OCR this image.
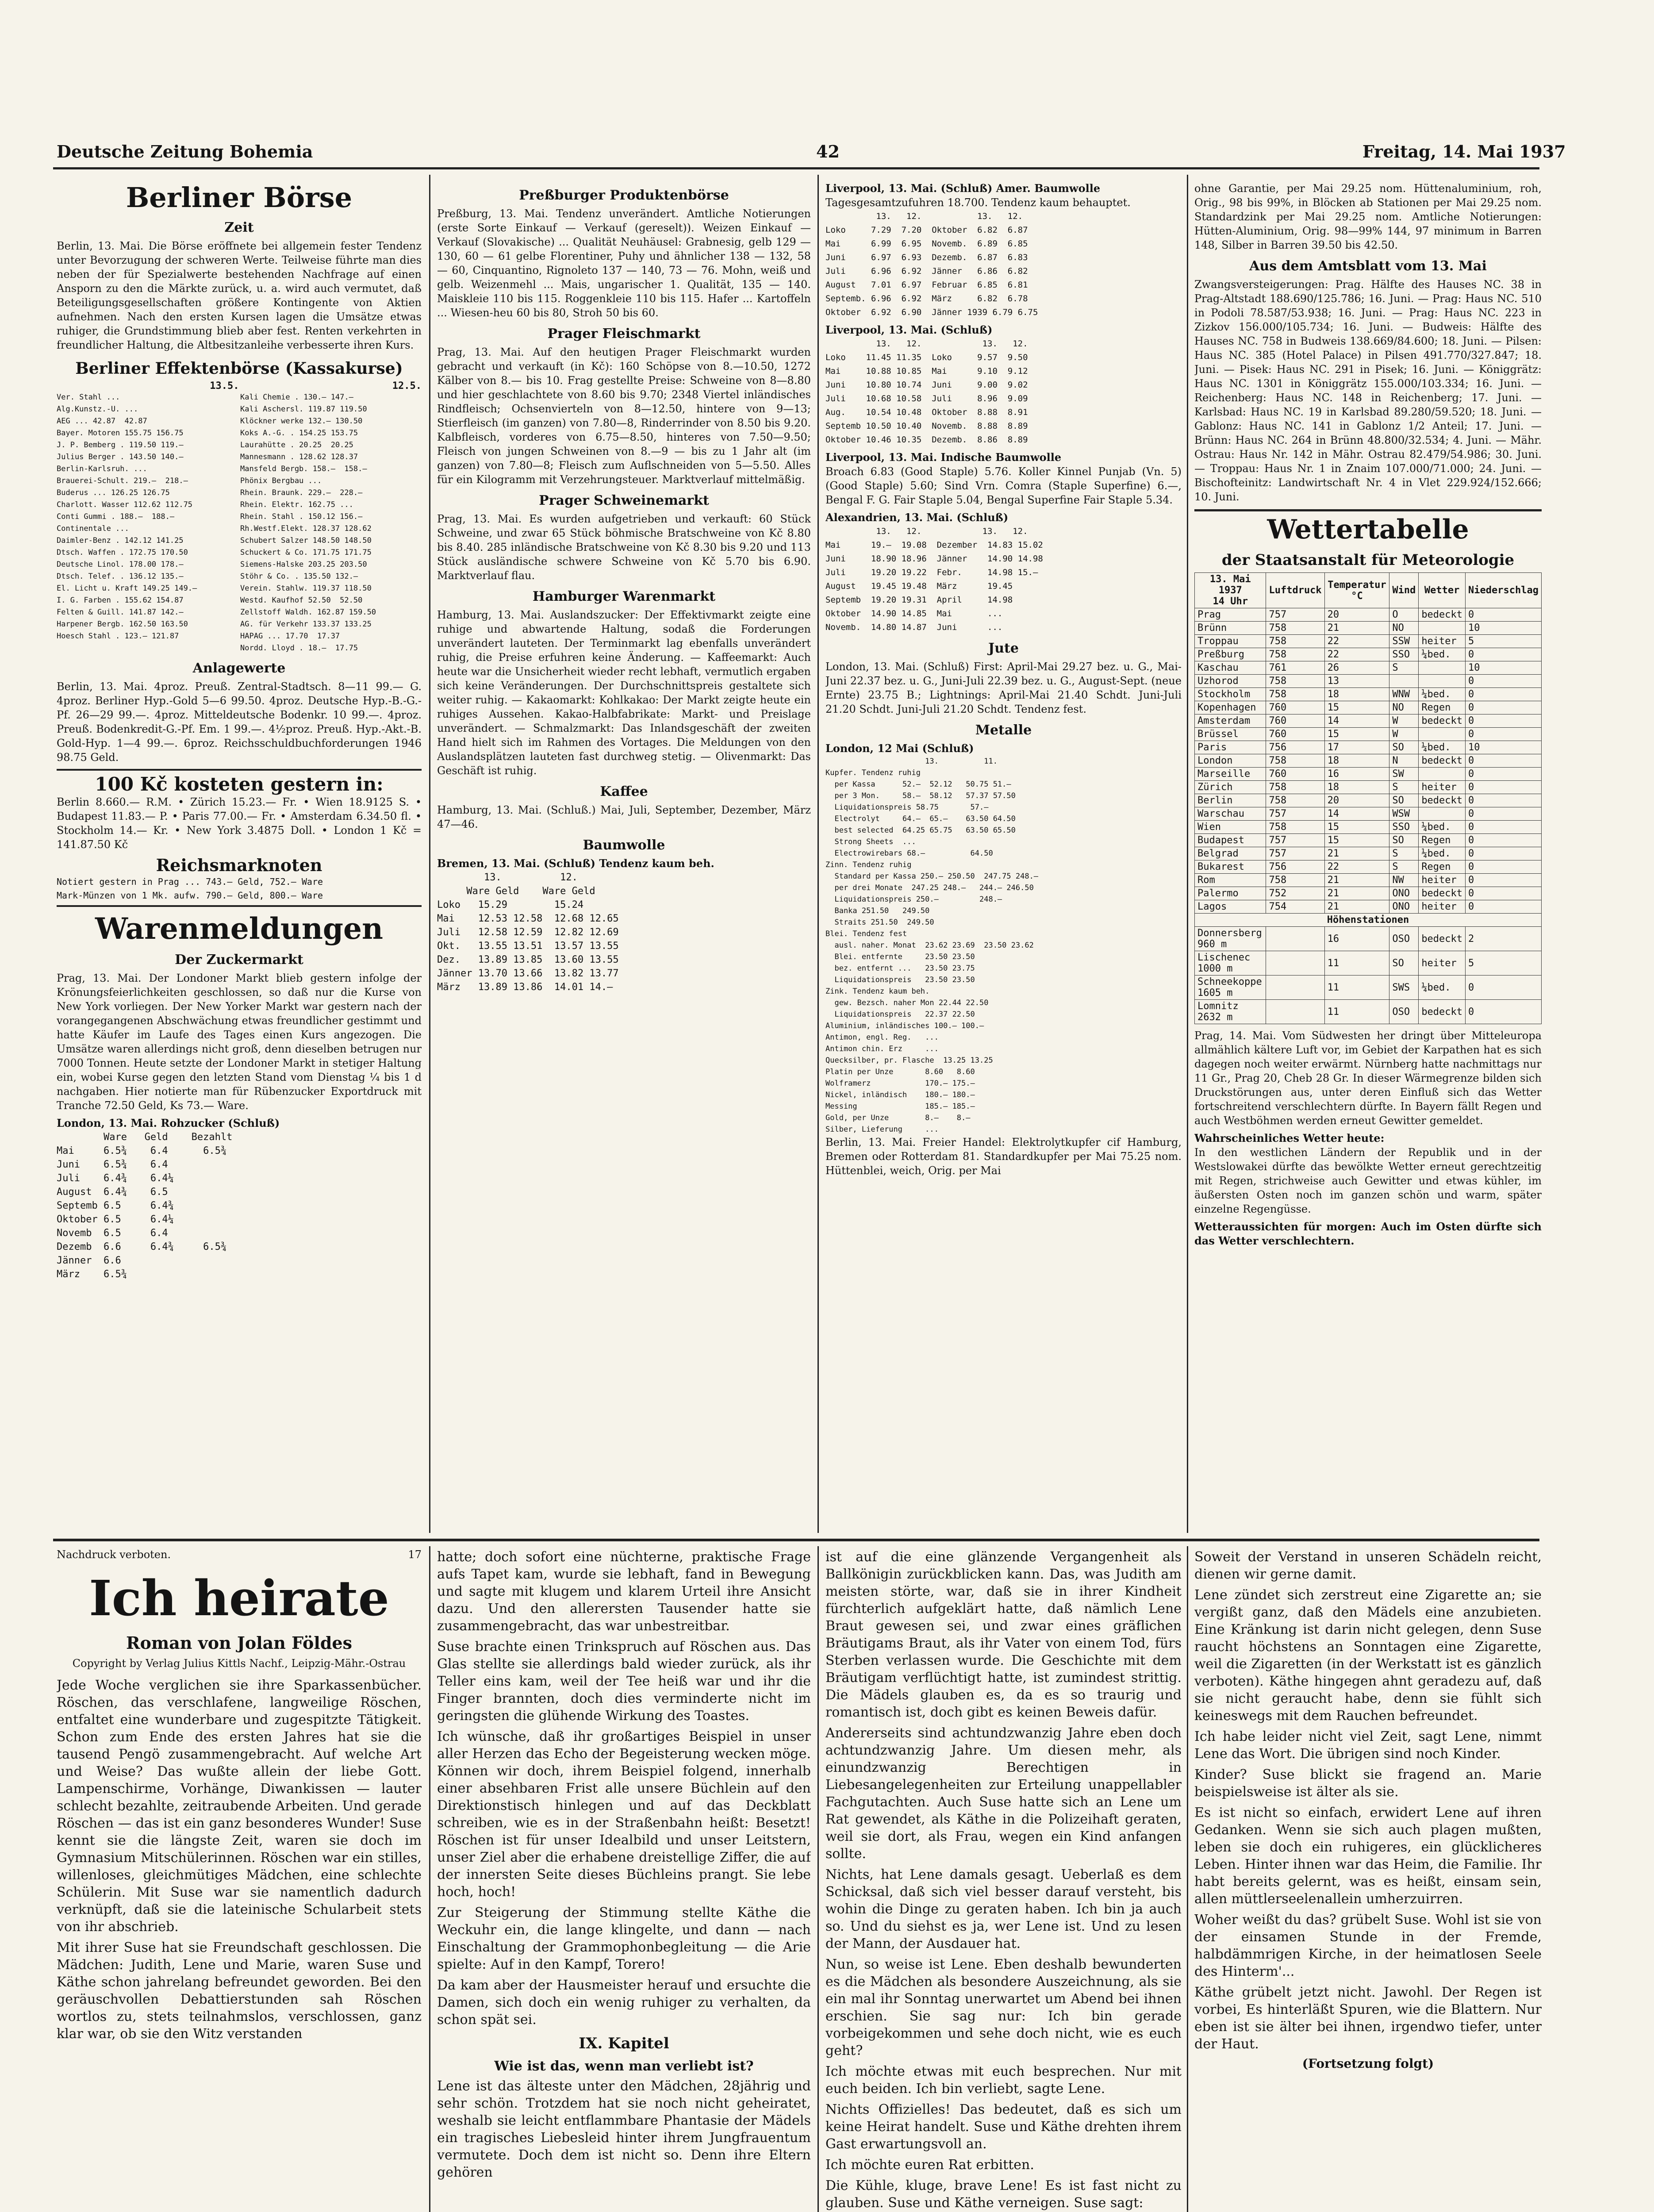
Deutsche Zeitung Bohemia	42	Freitag, 14. Mai 1937
Berliner Börse
Zeit

Berlin, 13. Mai. Die Börse eröffnete bei allgemein fester Tendenz unter Bevorzugung der schweren Werte. Teilweise führte man dies neben der für Spezialwerte bestehenden Nachfrage auf einen Ansporn zu den die Märkte zurück, u. a. wird auch vermutet, daß Beteiligungsgesellschaften größere Kontingente von Aktien aufnehmen. Nach den ersten Kursen lagen die Umsätze etwas ruhiger, die Grundstimmung blieb aber fest. Renten verkehrten in freundlicher Haltung, die Altbesitzanleihe verbesserte ihren Kurs.

Berliner Effektenbörse (Kassakurse)
13.5.	12.5.
Ver. Stahl ...
Alg.Kunstz.-U. ...
AEG ... 42.87  42.87
Bayer. Motoren 155.75 156.75
J. P. Bemberg . 119.50 119.—
Julius Berger . 143.50 140.—
Berlin-Karlsruh. ...
Brauerei-Schult. 219.—  218.—
Buderus ... 126.25 126.75
Charlott. Wasser 112.62 112.75
Conti Gummi . 188.—  188.—
Continentale ...
Daimler-Benz . 142.12 141.25
Dtsch. Waffen . 172.75 170.50
Deutsche Linol. 178.00 178.—
Dtsch. Telef. . 136.12 135.—
El. Licht u. Kraft 149.25 149.—
I. G. Farben . 155.62 154.87
Felten & Guill. 141.87 142.—
Harpener Bergb. 162.50 163.50
Hoesch Stahl . 123.— 121.87
Kali Chemie . 130.— 147.—
Kali Aschersl. 119.87 119.50
Klöckner werke 132.— 130.50
Koks A.-G. . 154.25 153.75
Laurahütte . 20.25  20.25
Mannesmann . 128.62 128.37
Mansfeld Bergb. 158.—  158.—
Phönix Bergbau ...
Rhein. Braunk. 229.—  228.—
Rhein. Elektr. 162.75 ...
Rhein. Stahl . 150.12 156.—
Rh.Westf.Elekt. 128.37 128.62
Schubert Salzer 148.50 148.50
Schuckert & Co. 171.75 171.75
Siemens-Halske 203.25 203.50
Stöhr & Co. . 135.50 132.—
Verein. Stahlw. 119.37 118.50
Westd. Kaufhof 52.50  52.50
Zellstoff Waldh. 162.87 159.50
AG. für Verkehr 133.37 133.25
HAPAG ... 17.70  17.37
Nordd. Lloyd . 18.—  17.75
Anlagewerte

Berlin, 13. Mai. 4proz. Preuß. Zentral-Stadtsch. 8—11 99.— G. 4proz. Berliner Hyp.-Gold 5—6 99.50. 4proz. Deutsche Hyp.-B.-G.-Pf. 26—29 99.—. 4proz. Mitteldeutsche Bodenkr. 10 99.—. 4proz. Preuß. Bodenkredit-G.-Pf. Em. 1 99.—. 4½proz. Preuß. Hyp.-Akt.-B. Gold-Hyp. 1—4 99.—. 6proz. Reichsschuldbuchforderungen 1946 98.75 Geld.

100 Kč kosteten gestern in:

Berlin 8.660.— R.M. • Zürich 15.23.— Fr. • Wien 18.9125 S. • Budapest 11.83.— P. • Paris 77.00.— Fr. • Amsterdam 6.34.50 fl. • Stockholm 14.— Kr. • New York 3.4875 Doll. • London 1 Kč = 141.87.50 Kč

Reichsmarknoten
Notiert gestern in Prag ... 743.— Geld, 752.— Ware
Mark-Münzen von 1 Mk. aufw. 790.— Geld, 800.— Ware
Warenmeldungen
Der Zuckermarkt

Prag, 13. Mai. Der Londoner Markt blieb gestern infolge der Krönungsfeierlichkeiten geschlossen, so daß nur die Kurse von New York vorliegen. Der New Yorker Markt war gestern nach der vorangegangenen Abschwächung etwas freundlicher gestimmt und hatte Käufer im Laufe des Tages einen Kurs angezogen. Die Umsätze waren allerdings nicht groß, denn dieselben betrugen nur 7000 Tonnen. Heute setzte der Londoner Markt in stetiger Haltung ein, wobei Kurse gegen den letzten Stand vom Dienstag ¼ bis 1 d nachgaben. Hier notierte man für Rübenzucker Exportdruck mit Tranche 72.50 Geld, Ks 73.— Ware.

London, 13. Mai. Rohzucker (Schluß)
Ware   Geld    Bezahlt
Mai     6.5¾    6.4      6.5¾
Juni    6.5¾    6.4
Juli    6.4¾    6.4¼
August  6.4¾    6.5
Septemb 6.5     6.4¾
Oktober 6.5     6.4¼
Novemb  6.5     6.4
Dezemb  6.6     6.4¾     6.5¾
Jänner  6.6
März    6.5¾
Preßburger Produktenbörse

Preßburg, 13. Mai. Tendenz unverändert. Amtliche Notierungen (erste Sorte Einkauf — Verkauf (gereselt)). Weizen Einkauf — Verkauf (Slovakische) ... Qualität Neuhäusel: Grabnesig, gelb 129 — 130, 60 — 61 gelbe Florentiner, Puhy und ähnlicher 138 — 132, 58 — 60, Cinquantino, Rignoleto 137 — 140, 73 — 76. Mohn, weiß und gelb. Weizenmehl ... Mais, ungarischer 1. Qualität, 135 — 140. Maiskleie 110 bis 115. Roggenkleie 110 bis 115. Hafer ... Kartoffeln ... Wiesen-heu 60 bis 80, Stroh 50 bis 60.

Prager Fleischmarkt

Prag, 13. Mai. Auf den heutigen Prager Fleischmarkt wurden gebracht und verkauft (in Kč): 160 Schöpse von 8.—10.50, 1272 Kälber von 8.— bis 10. Frag gestellte Preise: Schweine von 8—8.80 und hier geschlachtete von 8.60 bis 9.70; 2348 Viertel inländisches Rindfleisch; Ochsenvierteln von 8—12.50, hintere von 9—13; Stierfleisch (im ganzen) von 7.80—8, Rinderrinder von 8.50 bis 9.20. Kalbfleisch, vorderes von 6.75—8.50, hinteres von 7.50—9.50; Fleisch von jungen Schweinen von 8.—9 — bis zu 1 Jahr alt (im ganzen) von 7.80—8; Fleisch zum Auflschneiden von 5—5.50. Alles für ein Kilogramm mit Verzehrungsteuer. Marktverlauf mittelmäßig.

Prager Schweinemarkt

Prag, 13. Mai. Es wurden aufgetrieben und verkauft: 60 Stück Schweine, und zwar 65 Stück böhmische Bratschweine von Kč 8.80 bis 8.40. 285 inländische Bratschweine von Kč 8.30 bis 9.20 und 113 Stück ausländische schwere Schweine von Kč 5.70 bis 6.90. Marktverlauf flau.

Hamburger Warenmarkt

Hamburg, 13. Mai. Auslandszucker: Der Effektivmarkt zeigte eine ruhige und abwartende Haltung, sodaß die Forderungen unverändert lauteten. Der Terminmarkt lag ebenfalls unverändert ruhig, die Preise erfuhren keine Änderung. — Kaffeemarkt: Auch heute war die Unsicherheit wieder recht lebhaft, vermutlich ergaben sich keine Veränderungen. Der Durchschnittspreis gestaltete sich weiter ruhig. — Kakaomarkt: Kohlkakao: Der Markt zeigte heute ein ruhiges Aussehen. Kakao-Halbfabrikate: Markt- und Preislage unverändert. — Schmalzmarkt: Das Inlandsgeschäft der zweiten Hand hielt sich im Rahmen des Vortages. Die Meldungen von den Auslandsplätzen lauteten fast durchweg stetig. — Olivenmarkt: Das Geschäft ist ruhig.

Kaffee

Hamburg, 13. Mai. (Schluß.) Mai, Juli, September, Dezember, März 47—46.

Baumwolle
Bremen, 13. Mai. (Schluß) Tendenz kaum beh.
13.          12.
Ware Geld    Ware Geld
Loko   15.29        15.24
Mai    12.53 12.58  12.68 12.65
Juli   12.58 12.59  12.82 12.69
Okt.   13.55 13.51  13.57 13.55
Dez.   13.89 13.85  13.60 13.55
Jänner 13.70 13.66  13.82 13.77
März   13.89 13.86  14.01 14.—
Liverpool, 13. Mai. (Schluß) Amer. Baumwolle
Tagesgesamtzufuhren 18.700. Tendenz kaum behauptet.
13.   12.           13.   12.
Loko     7.29  7.20  Oktober  6.82  6.87
Mai      6.99  6.95  Novemb.  6.89  6.85
Juni     6.97  6.93  Dezemb.  6.87  6.83
Juli     6.96  6.92  Jänner   6.86  6.82
August   7.01  6.97  Februar  6.85  6.81
Septemb. 6.96  6.92  März     6.82  6.78
Oktober  6.92  6.90  Jänner 1939 6.79 6.75
Liverpool, 13. Mai. (Schluß)
13.   12.            13.   12.
Loko    11.45 11.35  Loko     9.57  9.50
Mai     10.88 10.85  Mai      9.10  9.12
Juni    10.80 10.74  Juni     9.00  9.02
Juli    10.68 10.58  Juli     8.96  9.09
Aug.    10.54 10.48  Oktober  8.88  8.91
Septemb 10.50 10.40  Novemb.  8.88  8.89
Oktober 10.46 10.35  Dezemb.  8.86  8.89
Liverpool, 13. Mai. Indische Baumwolle

Broach 6.83 (Good Staple) 5.76. Koller Kinnel Punjab (Vn. 5) (Good Staple) 5.60; Sind Vrn. Comra (Staple Superfine) 6.—, Bengal F. G. Fair Staple 5.04, Bengal Superfine Fair Staple 5.34.

Alexandrien, 13. Mai. (Schluß)
13.   12.            13.   12.
Mai      19.—  19.08  Dezember  14.83 15.02
Juni     18.90 18.96  Jänner    14.90 14.98
Juli     19.20 19.22  Febr.     14.98 15.—
August   19.45 19.48  März      19.45
Septemb  19.20 19.31  April     14.98
Oktober  14.90 14.85  Mai       ...
Novemb.  14.80 14.87  Juni      ...
Jute

London, 13. Mai. (Schluß) First: April-Mai 29.27 bez. u. G., Mai-Juni 22.37 bez. u. G., Juni-Juli 22.39 bez. u. G., August-Sept. (neue Ernte) 23.75 B.; Lightnings: April-Mai 21.40 Schdt. Juni-Juli 21.20 Schdt. Juni-Juli 21.20 Schdt. Tendenz fest.

Metalle
London, 12 Mai (Schluß)
13.          11.
Kupfer. Tendenz ruhig
per Kassa      52.—  52.12   50.75 51.—
per 3 Mon.     58.—  58.12   57.37 57.50
Liquidationspreis 58.75       57.—
Electrolyt     64.—  65.—    63.50 64.50
best selected  64.25 65.75   63.50 65.50
Strong Sheets  ...
Electrowirebars 68.—          64.50
Zinn. Tendenz ruhig
Standard per Kassa 250.— 250.50  247.75 248.—
per drei Monate  247.25 248.—   244.— 246.50
Liquidationspreis 250.—         248.—
Banka 251.50   249.50
Straits 251.50  249.50
Blei. Tendenz fest
ausl. naher. Monat  23.62 23.69  23.50 23.62
Blei. entfernte     23.50 23.50
bez. entfernt ...   23.50 23.75
Liquidationspreis   23.50 23.50
Zink. Tendenz kaum beh.
gew. Bezsch. naher Mon 22.44 22.50
Liquidationspreis   22.37 22.50
Aluminium, inländisches 100.— 100.—
Antimon, engl. Reg.   ...
Antimon chin. Erz     ...
Quecksilber, pr. Flasche  13.25 13.25
Platin per Unze       8.60   8.60
Wolframerz            170.— 175.—
Nickel, inländisch    180.— 180.—
Messing               185.— 185.—
Gold, per Unze        8.—    8.—
Silber, Lieferung     ...

Berlin, 13. Mai. Freier Handel: Elektrolytkupfer cif Hamburg, Bremen oder Rotterdam 81. Standardkupfer per Mai 75.25 nom. Hüttenblei, weich, Orig. per Mai

ohne Garantie, per Mai 29.25 nom. Hüttenaluminium, roh, Orig., 98 bis 99%, in Blöcken ab Stationen per Mai 29.25 nom. Standardzink per Mai 29.25 nom. Amtliche Notierungen: Hütten-Aluminium, Orig. 98—99% 144, 97 minimum in Barren 148, Silber in Barren 39.50 bis 42.50.

Aus dem Amtsblatt vom 13. Mai

Zwangsversteigerungen: Prag. Hälfte des Hauses NC. 38 in Prag-Altstadt 188.690/125.786; 16. Juni. — Prag: Haus NC. 510 in Podoli 78.587/53.938; 16. Juni. — Prag: Haus NC. 223 in Zizkov 156.000/105.734; 16. Juni. — Budweis: Hälfte des Hauses NC. 758 in Budweis 138.669/84.600; 18. Juni. — Pilsen: Haus NC. 385 (Hotel Palace) in Pilsen 491.770/327.847; 18. Juni. — Pisek: Haus NC. 291 in Pisek; 16. Juni. — Königgrätz: Haus NC. 1301 in Königgrätz 155.000/103.334; 16. Juni. — Reichenberg: Haus NC. 148 in Reichenberg; 17. Juni. — Karlsbad: Haus NC. 19 in Karlsbad 89.280/59.520; 18. Juni. — Gablonz: Haus NC. 141 in Gablonz 1/2 Anteil; 17. Juni. — Brünn: Haus NC. 264 in Brünn 48.800/32.534; 4. Juni. — Mähr. Ostrau: Haus Nr. 142 in Mähr. Ostrau 82.479/54.986; 30. Juni. — Troppau: Haus Nr. 1 in Znaim 107.000/71.000; 24. Juni. — Bischofteinitz: Landwirtschaft Nr. 4 in Vlet 229.924/152.666; 10. Juni.

Wettertabelle
der Staatsanstalt für Meteorologie
13. Mai 1937
14 Uhr	Luftdruck	Temperatur °C	Wind	Wetter	Niederschlag
Prag	757	20	O	bedeckt	0
Brünn	758	21	NO		10
Troppau	758	22	SSW	heiter	5
Preßburg	758	22	SSO	¼bed.	0
Kaschau	761	26	S		10
Uzhorod	758	13			0
Stockholm	758	18	WNW	¼bed.	0
Kopenhagen	760	15	NO	Regen	0
Amsterdam	760	14	W	bedeckt	0
Brüssel	760	15	W		0
Paris	756	17	SO	¼bed.	10
London	758	18	N	bedeckt	0
Marseille	760	16	SW		0
Zürich	758	18	S	heiter	0
Berlin	758	20	SO	bedeckt	0
Warschau	757	14	WSW		0
Wien	758	15	SSO	¼bed.	0
Budapest	757	15	SO	Regen	0
Belgrad	757	21	S	¼bed.	0
Bukarest	756	22	S	Regen	0
Rom	758	21	NW	heiter	0
Palermo	752	21	ONO	bedeckt	0
Lagos	754	21	ONO	heiter	0
Höhenstationen					
Donnersberg 960 m		16	OSO	bedeckt	2
Lischenec 1000 m		11	SO	heiter	5
Schneekoppe 1605 m		11	SWS	¼bed.	0
Lomnitz 2632 m		11	OSO	bedeckt	0

Prag, 14. Mai. Vom Südwesten her dringt über Mitteleuropa allmählich kältere Luft vor, im Gebiet der Karpathen hat es sich dagegen noch weiter erwärmt. Nürnberg hatte nachmittags nur 11 Gr., Prag 20, Cheb 28 Gr. In dieser Wärmegrenze bilden sich Druckstörungen aus, unter deren Einfluß sich das Wetter fortschreitend verschlechtern dürfte. In Bayern fällt Regen und auch Westböhmen werden erneut Gewitter gemeldet.

Wahrscheinliches Wetter heute:

In den westlichen Ländern der Republik und in der Westslowakei dürfte das bewölkte Wetter erneut gerechtzeitig mit Regen, strichweise auch Gewitter und etwas kühler, im äußersten Osten noch im ganzen schön und warm, später einzelne Regengüsse.

Wetteraussichten für morgen: Auch im Osten dürfte sich das Wetter verschlechtern.

Nachdruck verboten.	17
Ich heirate
Roman von Jolan Földes
Copyright by Verlag Julius Kittls Nachf., Leipzig-Mähr.-Ostrau

Jede Woche verglichen sie ihre Sparkassenbücher. Röschen, das verschlafene, langweilige Röschen, entfaltet eine wunderbare und zugespitzte Tätigkeit. Schon zum Ende des ersten Jahres hat sie die tausend Pengö zusammengebracht. Auf welche Art und Weise? Das wußte allein der liebe Gott. Lampenschirme, Vorhänge, Diwankissen — lauter schlecht bezahlte, zeitraubende Arbeiten. Und gerade Röschen — das ist ein ganz besonderes Wunder! Suse kennt sie die längste Zeit, waren sie doch im Gymnasium Mitschülerinnen. Röschen war ein stilles, willenloses, gleichmütiges Mädchen, eine schlechte Schülerin. Mit Suse war sie namentlich dadurch verknüpft, daß sie die lateinische Schularbeit stets von ihr abschrieb.

Mit ihrer Suse hat sie Freundschaft geschlossen. Die Mädchen: Judith, Lene und Marie, waren Suse und Käthe schon jahrelang befreundet geworden. Bei den geräuschvollen Debattierstunden sah Röschen wortlos zu, stets teilnahmslos, verschlossen, ganz klar war, ob sie den Witz verstanden

hatte; doch sofort eine nüchterne, praktische Frage aufs Tapet kam, wurde sie lebhaft, fand in Bewegung und sagte mit klugem und klarem Urteil ihre Ansicht dazu. Und den allerersten Tausender hatte sie zusammengebracht, das war unbestreitbar.

Suse brachte einen Trinkspruch auf Röschen aus. Das Glas stellte sie allerdings bald wieder zurück, als ihr Teller eins kam, weil der Tee heiß war und ihr die Finger brannten, doch dies verminderte nicht im geringsten die glühende Wirkung des Toastes.

Ich wünsche, daß ihr großartiges Beispiel in unser aller Herzen das Echo der Begeisterung wecken möge. Können wir doch, ihrem Beispiel folgend, innerhalb einer absehbaren Frist alle unsere Büchlein auf den Direktionstisch hinlegen und auf das Deckblatt schreiben, wie es in der Straßenbahn heißt: Besetzt! Röschen ist für unser Idealbild und unser Leitstern, unser Ziel aber die erhabene dreistellige Ziffer, die auf der innersten Seite dieses Büchleins prangt. Sie lebe hoch, hoch!

Zur Steigerung der Stimmung stellte Käthe die Weckuhr ein, die lange klingelte, und dann — nach Einschaltung der Grammophonbegleitung — die Arie spielte: Auf in den Kampf, Torero!

Da kam aber der Hausmeister herauf und ersuchte die Damen, sich doch ein wenig ruhiger zu verhalten, da schon spät sei.

IX. Kapitel
Wie ist das, wenn man verliebt ist?

Lene ist das älteste unter den Mädchen, 28jährig und sehr schön. Trotzdem hat sie noch nicht geheiratet, weshalb sie leicht entflammbare Phantasie der Mädels ein tragisches Liebesleid hinter ihrem Jungfrauentum vermutete. Doch dem ist nicht so. Denn ihre Eltern gehören

ist auf die eine glänzende Vergangenheit als Ballkönigin zurückblicken kann. Das, was Judith am meisten störte, war, daß sie in ihrer Kindheit fürchterlich aufgeklärt hatte, daß nämlich Lene Braut gewesen sei, und zwar eines gräflichen Bräutigams Braut, als ihr Vater von einem Tod, fürs Sterben verlassen wurde. Die Geschichte mit dem Bräutigam verflüchtigt hatte, ist zumindest strittig. Die Mädels glauben es, da es so traurig und romantisch ist, doch gibt es keinen Beweis dafür.

Andererseits sind achtundzwanzig Jahre eben doch achtundzwanzig Jahre. Um diesen mehr, als einundzwanzig Berechtigen in Liebesangelegenheiten zur Erteilung unappellabler Fachgutachten. Auch Suse hatte sich an Lene um Rat gewendet, als Käthe in die Polizeihaft geraten, weil sie dort, als Frau, wegen ein Kind anfangen sollte.

Nichts, hat Lene damals gesagt. Ueberlaß es dem Schicksal, daß sich viel besser darauf versteht, bis wohin die Dinge zu geraten haben. Ich bin ja auch so. Und du siehst es ja, wer Lene ist. Und zu lesen der Mann, der Ausdauer hat.

Nun, so weise ist Lene. Eben deshalb bewunderten es die Mädchen als besondere Auszeichnung, als sie ein mal ihr Sonntag unerwartet um Abend bei ihnen erschien. Sie sag nur: Ich bin gerade vorbeigekommen und sehe doch nicht, wie es euch geht?

Ich möchte etwas mit euch besprechen. Nur mit euch beiden. Ich bin verliebt, sagte Lene.

Nichts Offizielles! Das bedeutet, daß es sich um keine Heirat handelt. Suse und Käthe drehten ihrem Gast erwartungsvoll an.

Ich möchte euren Rat erbitten.

Die Kühle, kluge, brave Lene! Es ist fast nicht zu glauben. Suse und Käthe verneigen. Suse sagt:

Soweit der Verstand in unseren Schädeln reicht, dienen wir gerne damit.

Lene zündet sich zerstreut eine Zigarette an; sie vergißt ganz, daß den Mädels eine anzubieten. Eine Kränkung ist darin nicht gelegen, denn Suse raucht höchstens an Sonntagen eine Zigarette, weil die Zigaretten (in der Werkstatt ist es gänzlich verboten). Käthe hingegen ahnt geradezu auf, daß sie nicht geraucht habe, denn sie fühlt sich keineswegs mit dem Rauchen befreundet.

Ich habe leider nicht viel Zeit, sagt Lene, nimmt Lene das Wort. Die übrigen sind noch Kinder.

Kinder? Suse blickt sie fragend an. Marie beispielsweise ist älter als sie.

Es ist nicht so einfach, erwidert Lene auf ihren Gedanken. Wenn sie sich auch plagen mußten, leben sie doch ein ruhigeres, ein glücklicheres Leben. Hinter ihnen war das Heim, die Familie. Ihr habt bereits gelernt, was es heißt, einsam sein, allen müttlerseelenallein umherzuirren.

Woher weißt du das? grübelt Suse. Wohl ist sie von der einsamen Stunde in der Fremde, halbdämmrigen Kirche, in der heimatlosen Seele des Hinterm'...

Käthe grübelt jetzt nicht. Jawohl. Der Regen ist vorbei, Es hinterläßt Spuren, wie die Blattern. Nur eben ist sie älter bei ihnen, irgendwo tiefer, unter der Haut.

(Fortsetzung folgt)
